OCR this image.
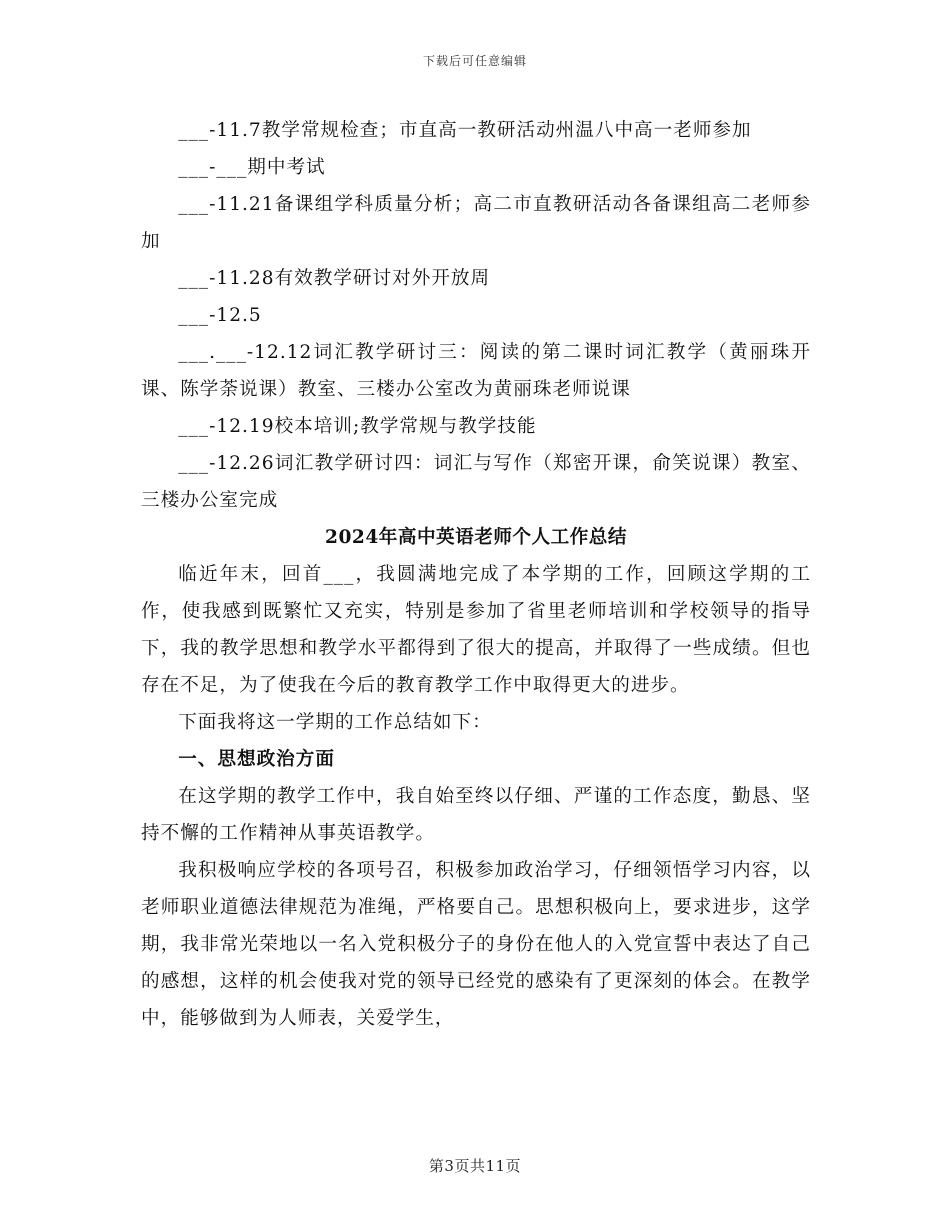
下载后可任意编辑

___-11.7教学常规检查；市直高一教研活动州温八中高一老师参加

___-___期中考试

___-11.21备课组学科质量分析；高二市直教研活动各备课组高二老师参加

___-11.28有效教学研讨对外开放周

___-12.5

___.___-12.12词汇教学研讨三：阅读的第二课时词汇教学（黄丽珠开课、陈学荼说课）教室、三楼办公室改为黄丽珠老师说课

___-12.19校本培训;教学常规与教学技能

___-12.26词汇教学研讨四：词汇与写作（郑密开课，俞笑说课）教室、三楼办公室完成

2024年高中英语老师个人工作总结

临近年末，回首___，我圆满地完成了本学期的工作，回顾这学期的工作，使我感到既繁忙又充实，特别是参加了省里老师培训和学校领导的指导下，我的教学思想和教学水平都得到了很大的提高，并取得了一些成绩。但也存在不足，为了使我在今后的教育教学工作中取得更大的进步。

下面我将这一学期的工作总结如下：

一、思想政治方面

在这学期的教学工作中，我自始至终以仔细、严谨的工作态度，勤恳、坚持不懈的工作精神从事英语教学。

我积极响应学校的各项号召，积极参加政治学习，仔细领悟学习内容，以老师职业道德法律规范为准绳，严格要自己。思想积极向上，要求进步，这学期，我非常光荣地以一名入党积极分子的身份在他人的入党宣誓中表达了自己的感想，这样的机会使我对党的领导已经党的感染有了更深刻的体会。在教学中，能够做到为人师表，关爱学生，

第3页共11页
